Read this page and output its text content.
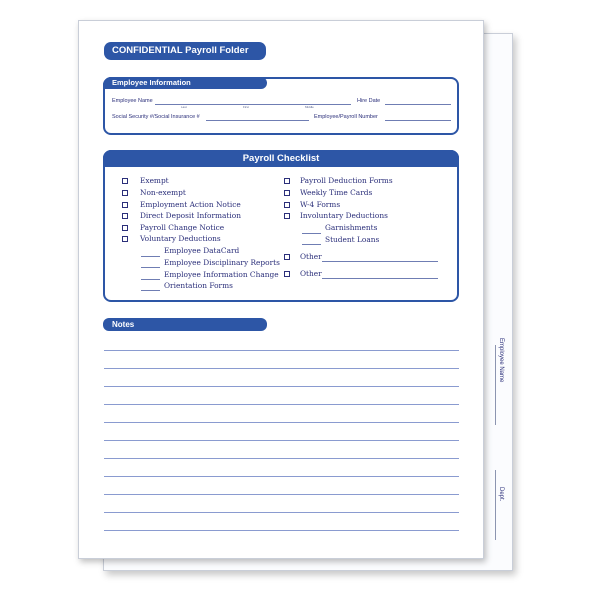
Employee Name
Dept.
CONFIDENTIAL Payroll Folder
Employee Information
Employee Name
Last	First	Middle
Hire Date
Social Security #/Social Insurance #	Employee/Payroll Number
Payroll Checklist
Exempt
Non-exempt
Employment Action Notice
Direct Deposit Information
Payroll Change Notice
Voluntary Deductions
Employee DataCard
Employee Disciplinary Reports
Employee Information Change
Orientation Forms
Payroll Deduction Forms
Weekly Time Cards
W-4 Forms
Involuntary Deductions
Garnishments
Student Loans
Other
Other
Notes
